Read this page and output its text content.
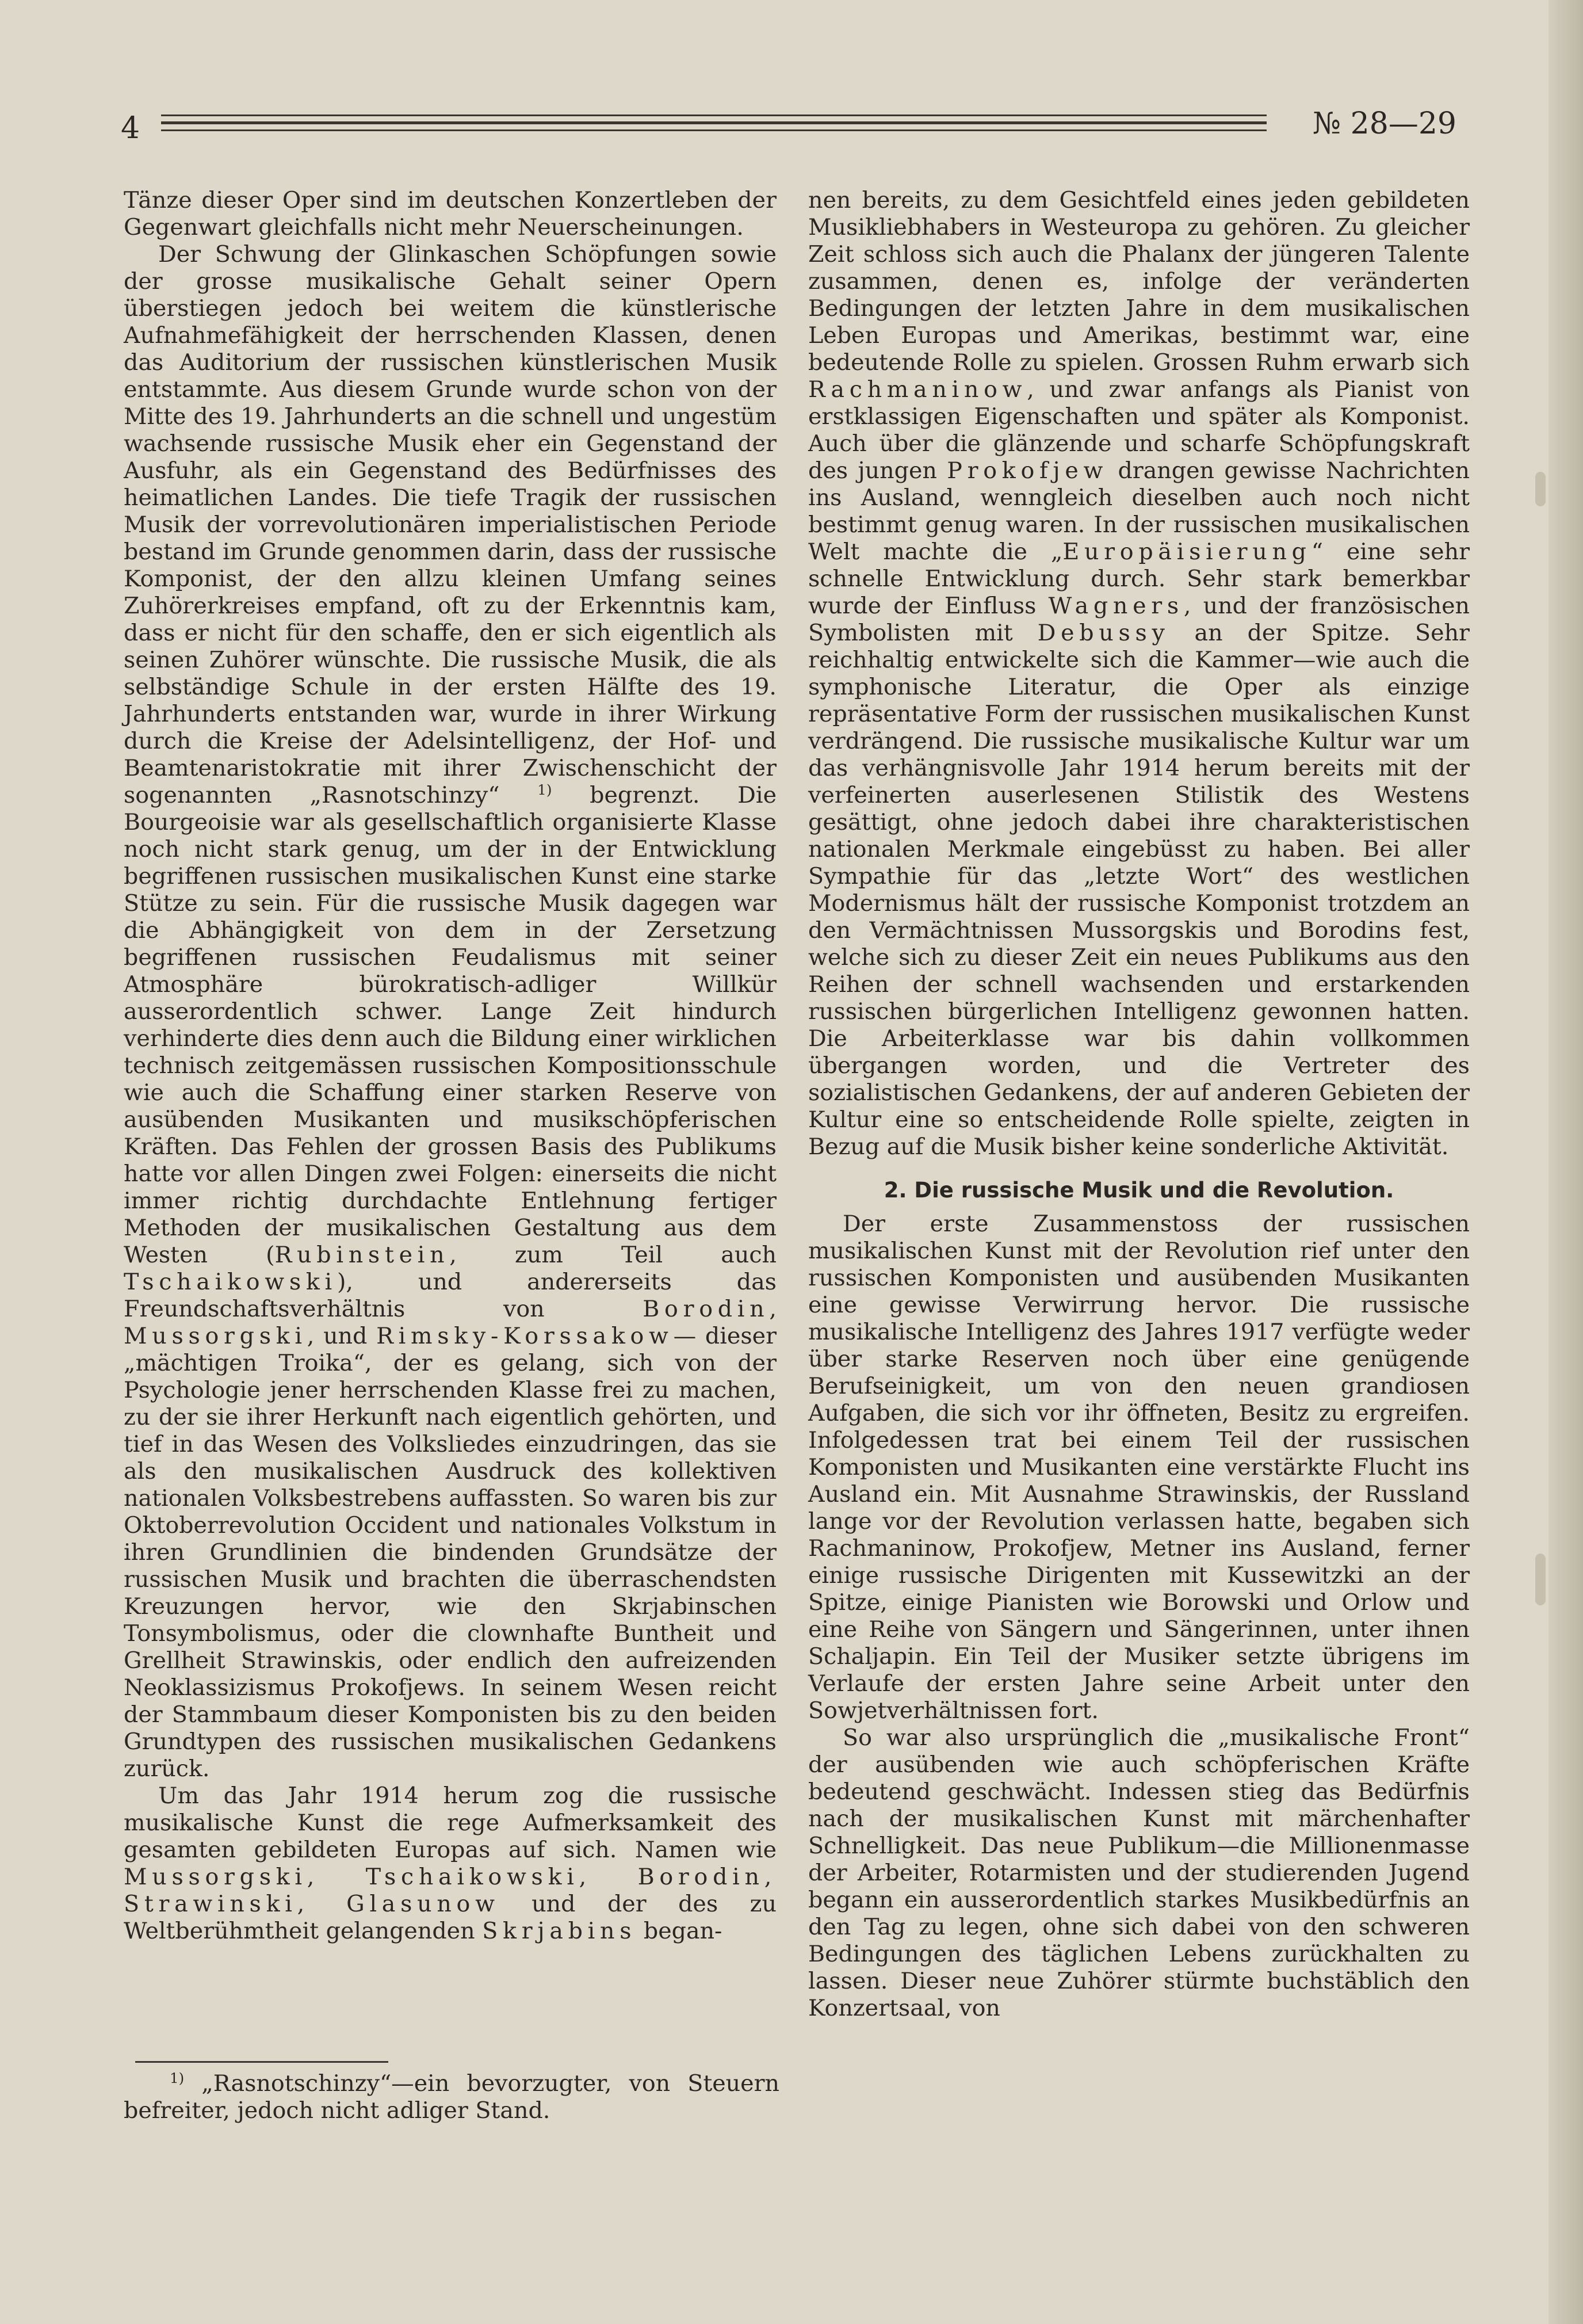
4	№ 28—29

Tänze dieser Oper sind im deutschen Konzertleben der Gegenwart gleichfalls nicht mehr Neuerscheinungen.

Der Schwung der Glinkaschen Schöpfungen sowie der grosse musikalische Gehalt seiner Opern überstiegen jedoch bei weitem die künstlerische Aufnahmefähigkeit der herrschenden Klassen, denen das Auditorium der russischen künstlerischen Musik entstammte. Aus diesem Grunde wurde schon von der Mitte des 19. Jahrhunderts an die schnell und ungestüm wachsende russische Musik eher ein Gegenstand der Ausfuhr, als ein Gegenstand des Bedürfnisses des heimatlichen Landes. Die tiefe Tragik der russischen Musik der vorrevolutionären imperialistischen Periode bestand im Grunde genommen darin, dass der russische Komponist, der den allzu kleinen Umfang seines Zuhörerkreises empfand, oft zu der Erkenntnis kam, dass er nicht für den schaffe, den er sich eigentlich als seinen Zuhörer wünschte. Die russische Musik, die als selbständige Schule in der ersten Hälfte des 19. Jahrhunderts entstanden war, wurde in ihrer Wirkung durch die Kreise der Adelsintelligenz, der Hof- und Beamtenaristokratie mit ihrer Zwischenschicht der sogenannten „Rasnotschinzy“	$^{1)}$ begrenzt. Die Bourgeoisie war als gesellschaftlich organisierte Klasse noch nicht stark genug, um der in der Entwicklung begriffenen russischen musikalischen Kunst eine starke Stütze zu sein. Für die russische Musik dagegen war die Abhängigkeit von dem in der Zersetzung begriffenen russischen Feudalismus mit seiner Atmosphäre bürokratisch-adliger Willkür ausserordentlich schwer. Lange Zeit hindurch verhinderte dies denn auch die Bildung einer wirklichen technisch zeitgemässen russischen Kompositionsschule wie auch die Schaffung einer starken Reserve von ausübenden Musikanten und musikschöpferischen Kräften. Das Fehlen der grossen Basis des Publikums hatte vor allen Dingen zwei Folgen: einerseits die nicht immer richtig durchdachte Entlehnung fertiger Methoden der musikalischen Gestaltung aus dem Westen (Rubinstein, zum Teil auch Tschaikowski), und andererseits das Freundschaftsverhältnis von	Borodin, Mussorgski, und Rimsky-Korssakow— dieser „mächtigen Troika“, der es gelang, sich von der Psychologie jener herrschenden Klasse frei zu machen, zu der sie ihrer Herkunft nach eigentlich gehörten, und tief in das Wesen des Volksliedes einzudringen, das sie als den musikalischen Ausdruck des kollektiven nationalen Volksbestrebens auffassten. So waren bis zur Oktoberrevolution Occident und nationales Volkstum in ihren Grundlinien die bindenden Grundsätze der russischen Musik und brachten die überraschendsten Kreuzungen hervor, wie den Skrjabinschen Tonsymbolismus, oder die clownhafte Buntheit und Grellheit Strawinskis, oder endlich den aufreizenden Neoklassizismus Prokofjews. In seinem Wesen reicht der Stammbaum dieser Komponisten bis zu den beiden Grundtypen des russischen musikalischen Gedankens zurück.

Um das Jahr 1914 herum zog die russische musikalische Kunst die rege Aufmerksamkeit des gesamten gebildeten Europas auf sich. Namen wie Mussorgski, Tschaikowski, Borodin, Strawinski, Glasunow und der des zu Weltberühmtheit gelangenden Skrjabins began-

$^{1)}$ „Rasnotschinzy“—ein bevorzugter, von Steuern befreiter, jedoch nicht adliger Stand.

nen bereits, zu dem Gesichtfeld eines jeden gebildeten Musikliebhabers in Westeuropa zu gehören. Zu gleicher Zeit schloss sich auch die Phalanx der jüngeren Talente zusammen, denen es, infolge der veränderten Bedingungen der letzten Jahre in dem musikalischen Leben Europas und Amerikas, bestimmt war, eine bedeutende Rolle zu spielen. Grossen Ruhm erwarb sich Rachmaninow, und zwar anfangs als Pianist von erstklassigen Eigenschaften und später als Komponist. Auch über die glänzende und scharfe Schöpfungskraft des jungen Prokofjew drangen gewisse Nachrichten ins Ausland, wenngleich dieselben auch noch nicht bestimmt genug waren. In der russischen musikalischen Welt machte die „Europäisierung“ eine sehr schnelle Entwicklung durch. Sehr stark bemerkbar wurde der Einfluss Wagners, und der französischen Symbolisten mit Debussy an der Spitze. Sehr reichhaltig entwickelte sich die Kammer—wie auch die symphonische Literatur, die Oper als einzige repräsentative Form der russischen musikalischen Kunst verdrängend. Die russische musikalische Kultur war um das verhängnisvolle Jahr 1914 herum bereits mit der verfeinerten auserlesenen Stilistik des Westens gesättigt, ohne jedoch dabei ihre charakteristischen nationalen Merkmale eingebüsst zu haben. Bei aller Sympathie für das „letzte Wort“ des westlichen Modernismus hält der russische Komponist trotzdem an den Vermächtnissen Mussorgskis und Borodins fest, welche sich zu dieser Zeit ein neues Publikums aus den Reihen der schnell wachsenden und erstarkenden russischen bürgerlichen Intelligenz gewonnen hatten. Die Arbeiterklasse war bis dahin vollkommen übergangen worden, und die Vertreter des sozialistischen Gedankens, der auf anderen Gebieten der Kultur eine so entscheidende Rolle spielte, zeigten in Bezug auf die Musik bisher keine sonderliche Aktivität.

2. Die russische Musik und die Revolution.

Der erste Zusammenstoss der russischen musikalischen Kunst mit der Revolution rief unter den russischen Komponisten und ausübenden Musikanten eine gewisse Verwirrung hervor. Die russische musikalische Intelligenz des Jahres 1917 verfügte weder über starke Reserven noch über eine genügende Berufseinigkeit, um von den neuen grandiosen Aufgaben, die sich vor ihr öffneten, Besitz zu ergreifen. Infolgedessen trat bei einem Teil der russischen Komponisten und Musikanten eine verstärkte Flucht ins Ausland ein. Mit Ausnahme Strawinskis, der Russland lange vor der Revolution verlassen hatte, begaben sich Rachmaninow, Prokofjew, Metner ins Ausland, ferner einige russische Dirigenten mit Kussewitzki an der Spitze, einige Pianisten wie Borowski und Orlow und eine Reihe von Sängern und Sängerinnen, unter ihnen Schaljapin. Ein Teil der Musiker setzte übrigens im Verlaufe der ersten Jahre seine Arbeit unter den Sowjetverhältnissen fort.

So war also ursprünglich die „musikalische Front“ der ausübenden wie auch schöpferischen Kräfte bedeutend geschwächt. Indessen stieg das Bedürfnis nach der musikalischen Kunst mit märchenhafter Schnelligkeit. Das neue Publikum—die Millionenmasse der Arbeiter, Rotarmisten und der studierenden Jugend begann ein ausserordentlich starkes Musikbedürfnis an den Tag zu legen, ohne sich dabei von den schweren Bedingungen des täglichen Lebens zurückhalten zu lassen. Dieser neue Zuhörer stürmte buchstäblich den Konzertsaal, von
